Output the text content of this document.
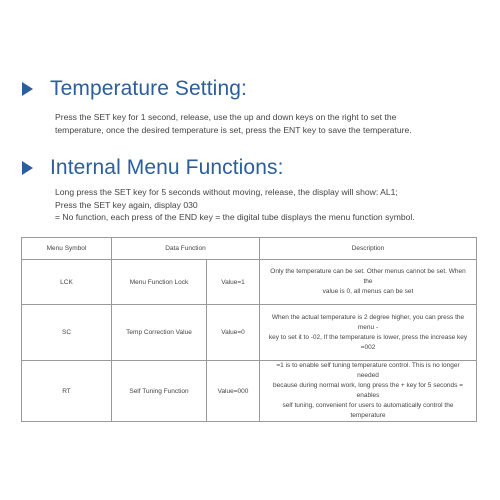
Temperature Setting:
Press the SET key for 1 second, release, use the up and down keys on the right to set the
temperature, once the desired temperature is set, press the ENT key to save the temperature.
Internal Menu Functions:
Long press the SET key for 5 seconds without moving, release, the display will show: AL1;
Press the SET key again, display 030
= No function, each press of the END key = the digital tube displays the menu function symbol.
Menu Symbol	Data Function		Description
LCK	Menu Function Lock	Value=1	Only the temperature can be set. Other menus cannot be set. When the
value is 0, all menus can be set

SC	Temp Correction Value	Value=0	When the actual temperature is 2 degree higher, you can press the menu -
key to set it to -02, If the temperature is lower, press the increase key =002

RT	Self Tuning Function	Value=000	=1 is to enable self tuning temperature control. This is no longer needed
because during normal work, long press the + key for 5 seconds = enables
self tuning, convenient for users to automatically control the temperature
